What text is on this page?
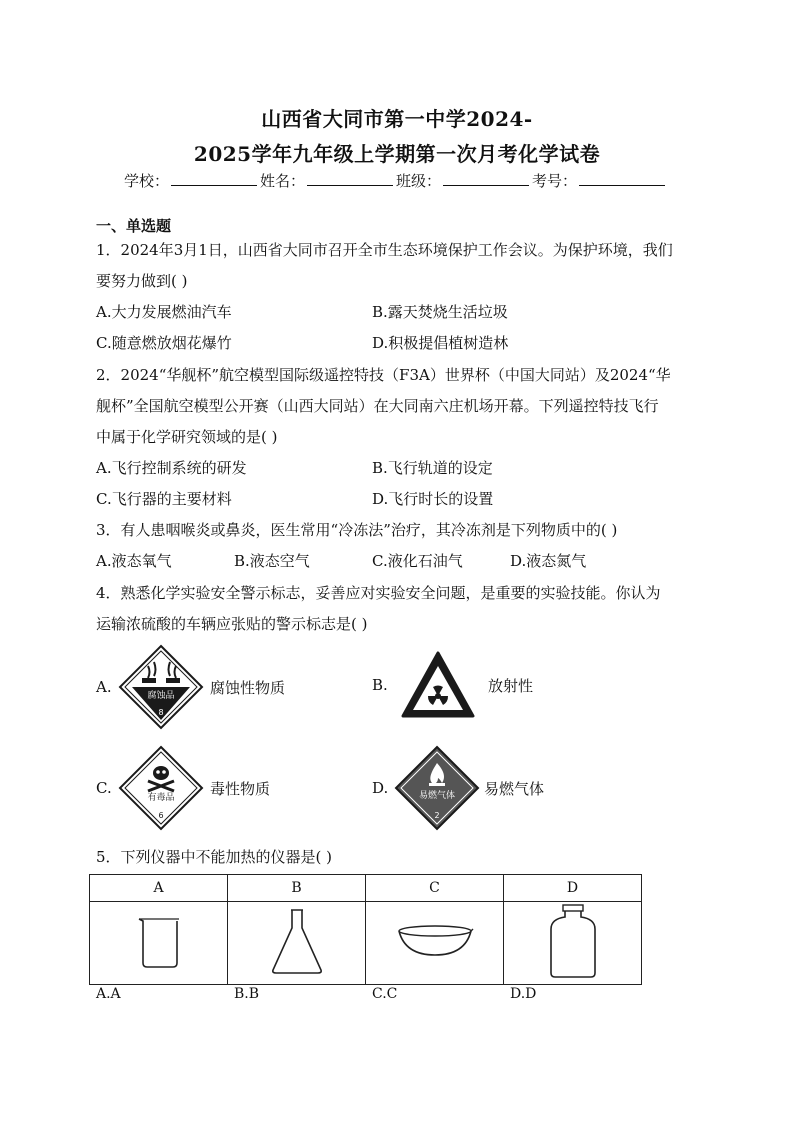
山西省大同市第一中学2024-
2025学年九年级上学期第一次月考化学试卷
学校：	姓名：	班级：	考号：
一、单选题
1．2024年3月1日，山西省大同市召开全市生态环境保护工作会议。为保护环境，我们
要努力做到( )
A.大力发展燃油汽车	B.露天焚烧生活垃圾
C.随意燃放烟花爆竹	D.积极提倡植树造林
2．2024“华舰杯”航空模型国际级遥控特技（F3A）世界杯（中国大同站）及2024“华
舰杯”全国航空模型公开赛（山西大同站）在大同南六庄机场开幕。下列遥控特技飞行
中属于化学研究领域的是( )
A.飞行控制系统的研发	B.飞行轨道的设定
C.飞行器的主要材料	D.飞行时长的设置
3．有人患咽喉炎或鼻炎，医生常用“冷冻法”治疗，其冷冻剂是下列物质中的( )
A.液态氧气	B.液态空气	C.液化石油气	D.液态氮气
4．熟悉化学实验安全警示标志，妥善应对实验安全问题，是重要的实验技能。你认为
运输浓硫酸的车辆应张贴的警示标志是( )
A.	腐蚀品
8
腐蚀性物质	B.	放射性
C.
有毒品
6
毒性物质	D.	易燃气体
2
易燃气体
5．下列仪器中不能加热的仪器是( )
A	B	C	D

A.A	B.B	C.C	D.D
